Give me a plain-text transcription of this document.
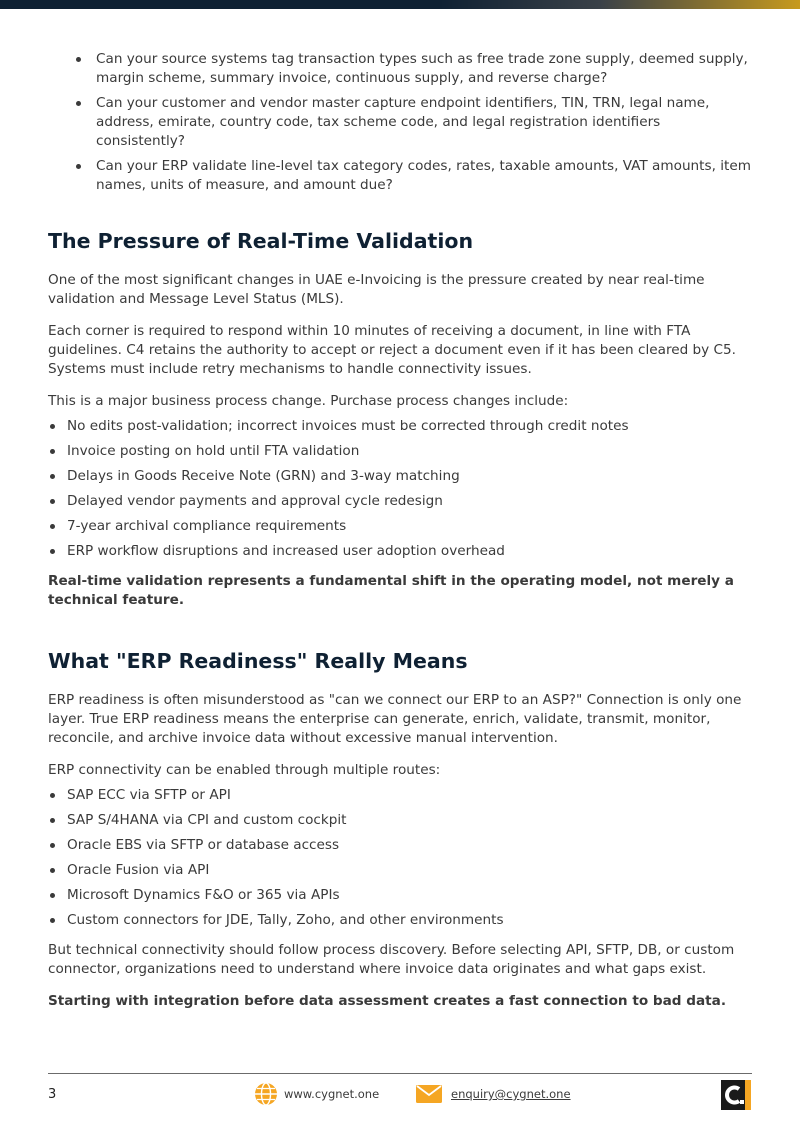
Can your source systems tag transaction types such as free trade zone supply, deemed supply, margin scheme, summary invoice, continuous supply, and reverse charge?
Can your customer and vendor master capture endpoint identifiers, TIN, TRN, legal name, address, emirate, country code, tax scheme code, and legal registration identifiers consistently?
Can your ERP validate line-level tax category codes, rates, taxable amounts, VAT amounts, item names, units of measure, and amount due?
The Pressure of Real-Time Validation

One of the most significant changes in UAE e-Invoicing is the pressure created by near real-time validation and Message Level Status (MLS).

Each corner is required to respond within 10 minutes of receiving a document, in line with FTA guidelines. C4 retains the authority to accept or reject a document even if it has been cleared by C5. Systems must include retry mechanisms to handle connectivity issues.

This is a major business process change. Purchase process changes include:

No edits post-validation; incorrect invoices must be corrected through credit notes
Invoice posting on hold until FTA validation
Delays in Goods Receive Note (GRN) and 3-way matching
Delayed vendor payments and approval cycle redesign
7-year archival compliance requirements
ERP workflow disruptions and increased user adoption overhead

Real-time validation represents a fundamental shift in the operating model, not merely a technical feature.

What "ERP Readiness" Really Means

ERP readiness is often misunderstood as "can we connect our ERP to an ASP?" Connection is only one layer. True ERP readiness means the enterprise can generate, enrich, validate, transmit, monitor, reconcile, and archive invoice data without excessive manual intervention.

ERP connectivity can be enabled through multiple routes:

SAP ECC via SFTP or API
SAP S/4HANA via CPI and custom cockpit
Oracle EBS via SFTP or database access
Oracle Fusion via API
Microsoft Dynamics F&O or 365 via APIs
Custom connectors for JDE, Tally, Zoho, and other environments

But technical connectivity should follow process discovery. Before selecting API, SFTP, DB, or custom connector, organizations need to understand where invoice data originates and what gaps exist.

Starting with integration before data assessment creates a fast connection to bad data.

3	www.cygnet.one	enquiry@cygnet.one
